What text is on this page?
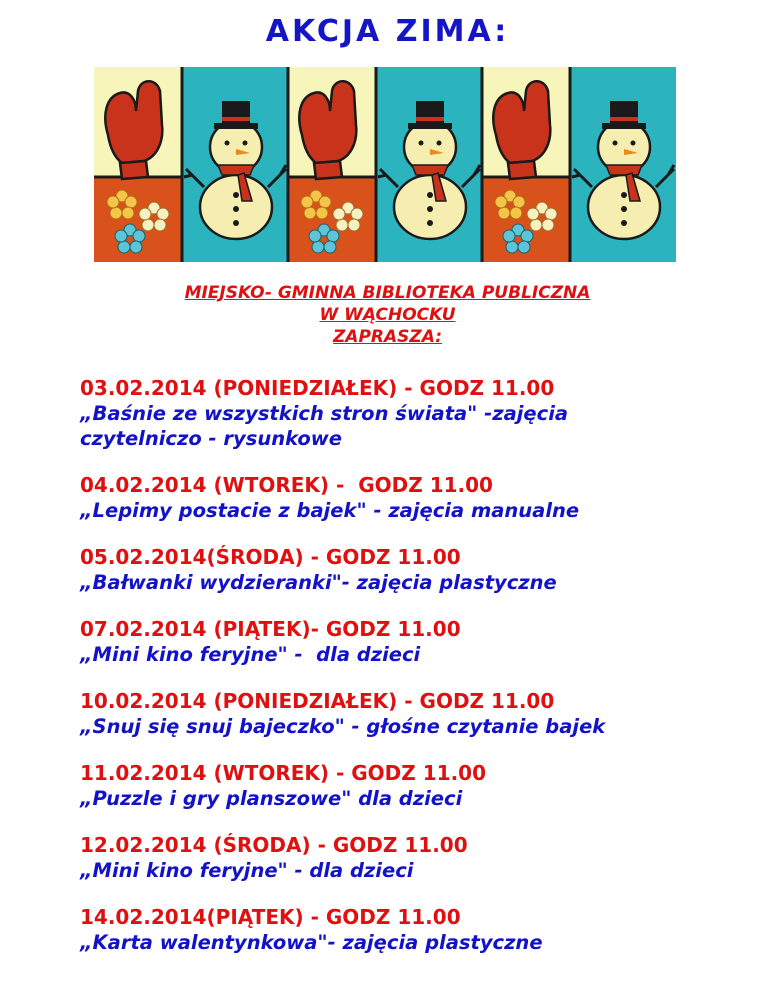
AKCJA ZIMA:
MIEJSKO- GMINNA BIBLIOTEKA PUBLICZNA
W WĄCHOCKU
ZAPRASZA:
03.02.2014 (PONIEDZIAŁEK) - GODZ 11.00
„Baśnie ze wszystkich stron świata" -zajęcia czytelniczo - rysunkowe
04.02.2014 (WTOREK) -  GODZ 11.00
„Lepimy postacie z bajek" - zajęcia manualne
05.02.2014(ŚRODA) - GODZ 11.00
„Bałwanki wydzieranki"- zajęcia plastyczne
07.02.2014 (PIĄTEK)- GODZ 11.00
„Mini kino feryjne" -  dla dzieci
10.02.2014 (PONIEDZIAŁEK) - GODZ 11.00
„Snuj się snuj bajeczko" - głośne czytanie bajek
11.02.2014 (WTOREK) - GODZ 11.00
„Puzzle i gry planszowe" dla dzieci
12.02.2014 (ŚRODA) - GODZ 11.00
„Mini kino feryjne" - dla dzieci
14.02.2014(PIĄTEK) - GODZ 11.00
„Karta walentynkowa"- zajęcia plastyczne
